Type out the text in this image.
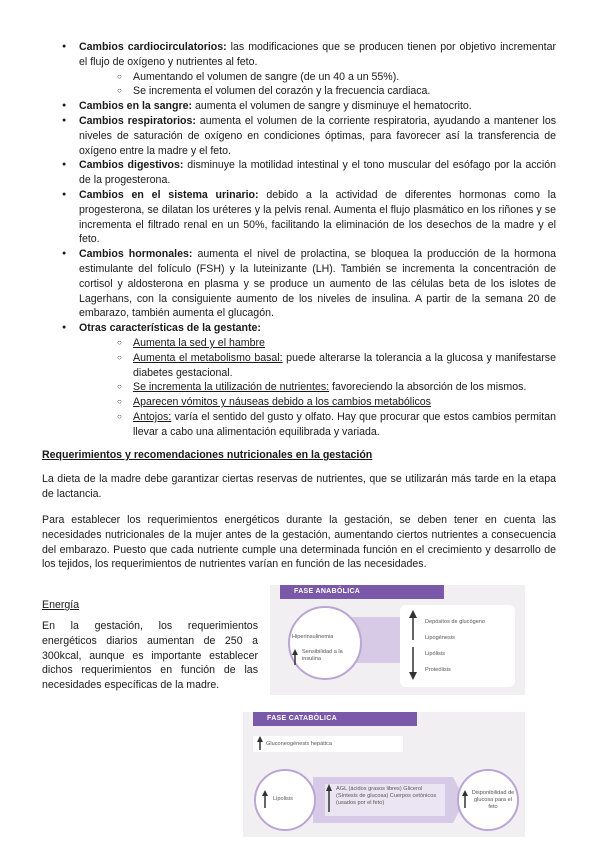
● Cambios cardiocirculatorios: las modificaciones que se producen tienen por objetivo incrementar el flujo de oxígeno y nutrientes al feto.
○ Aumentando el volumen de sangre (de un 40 a un 55%).
○ Se incrementa el volumen del corazón y la frecuencia cardiaca.
● Cambios en la sangre: aumenta el volumen de sangre y disminuye el hematocrito.
● Cambios respiratorios: aumenta el volumen de la corriente respiratoria, ayudando a mantener los niveles de saturación de oxígeno en condiciones óptimas, para favorecer así la transferencia de oxígeno entre la madre y el feto.
● Cambios digestivos: disminuye la motilidad intestinal y el tono muscular del esófago por la acción de la progesterona.
● Cambios en el sistema urinario: debido a la actividad de diferentes hormonas como la progesterona, se dilatan los uréteres y la pelvis renal. Aumenta el flujo plasmático en los riñones y se incrementa el filtrado renal en un 50%, facilitando la eliminación de los desechos de la madre y el feto.
● Cambios hormonales: aumenta el nivel de prolactina, se bloquea la producción de la hormona estimulante del folículo (FSH) y la luteinizante (LH). También se incrementa la concentración de cortisol y aldosterona en plasma y se produce un aumento de las células beta de los islotes de Lagerhans, con la consiguiente aumento de los niveles de insulina. A partir de la semana 20 de embarazo, también aumenta el glucagón.
● Otras características de la gestante:
○ Aumenta la sed y el hambre
○ Aumenta el metabolismo basal: puede alterarse la tolerancia a la glucosa y manifestarse diabetes gestacional.
○ Se incrementa la utilización de nutrientes: favoreciendo la absorción de los mismos.
○ Aparecen vómitos y náuseas debido a los cambios metabólicos
○ Antojos: varía el sentido del gusto y olfato. Hay que procurar que estos cambios permitan llevar a cabo una alimentación equilibrada y variada.
Requerimientos y recomendaciones nutricionales en la gestación
La dieta de la madre debe garantizar ciertas reservas de nutrientes, que se utilizarán más tarde en la etapa de lactancia.
Para establecer los requerimientos energéticos durante la gestación, se deben tener en cuenta las necesidades nutricionales de la mujer antes de la gestación, aumentando ciertos nutrientes a consecuencia del embarazo. Puesto que cada nutriente cumple una determinada función en el crecimiento y desarrollo de los tejidos, los requerimientos de nutrientes varían en función de las necesidades.
Energía
En la gestación, los requerimientos energéticos diarios aumentan de 250 a 300kcal, aunque es importante establecer dichos requerimientos en función de las necesidades específicas de la madre.
FASE ANABÓLICA
Hiperinsulinemia
Sensibilidad a la insulina
Depósitos de glucógeno
Lipogénesis
Lipólisis
Proteólisis
FASE CATABÓLICA
Gluconeogénesis hepática
Lipolisis
AGL (ácidos grasos libres) Glicerol (Síntesis de glucosa) Cuerpos cetónicos (usados por el feto)
Disponibilidad de glucosa para el feto
